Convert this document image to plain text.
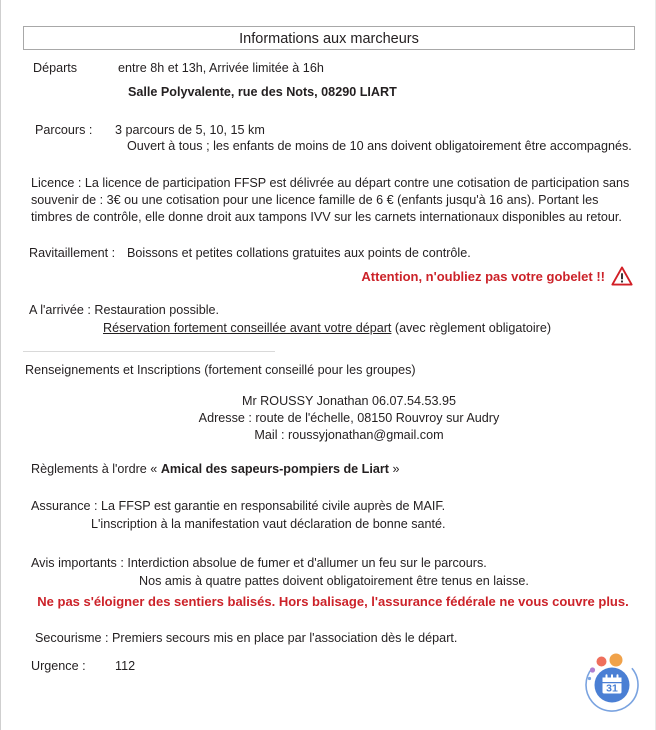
Informations aux marcheurs
Départs	entre 8h et 13h, Arrivée limitée à 16h
Salle Polyvalente, rue des Nots, 08290 LIART
Parcours :	3 parcours de 5, 10, 15 km
Ouvert à tous ; les enfants de moins de 10 ans doivent obligatoirement être accompagnés.
Licence : La licence de participation FFSP est délivrée au départ contre une cotisation de participation sans souvenir de : 3€ ou une cotisation pour une licence famille de 6 € (enfants jusqu'à 16 ans). Portant les timbres de contrôle, elle donne droit aux tampons IVV sur les carnets internationaux disponibles au retour.
Ravitaillement : Boissons et petites collations gratuites aux points de contrôle.
Attention, n'oubliez pas votre gobelet !!
A l'arrivée : Restauration possible.
Réservation fortement conseillée avant votre départ (avec règlement obligatoire)
Renseignements et Inscriptions (fortement conseillé pour les groupes)
Mr ROUSSY Jonathan 06.07.54.53.95
Adresse : route de l'échelle, 08150 Rouvroy sur Audry
Mail : roussyjonathan@gmail.com
Règlements à l'ordre « Amical des sapeurs-pompiers de Liart »
Assurance : La FFSP est garantie en responsabilité civile auprès de MAIF.
L'inscription à la manifestation vaut déclaration de bonne santé.
Avis importants : Interdiction absolue de fumer et d'allumer un feu sur le parcours.
Nos amis à quatre pattes doivent obligatoirement être tenus en laisse.
Ne pas s'éloigner des sentiers balisés. Hors balisage, l'assurance fédérale ne vous couvre plus.
Secourisme : Premiers secours mis en place par l'association dès le départ.
Urgence :	112
31
